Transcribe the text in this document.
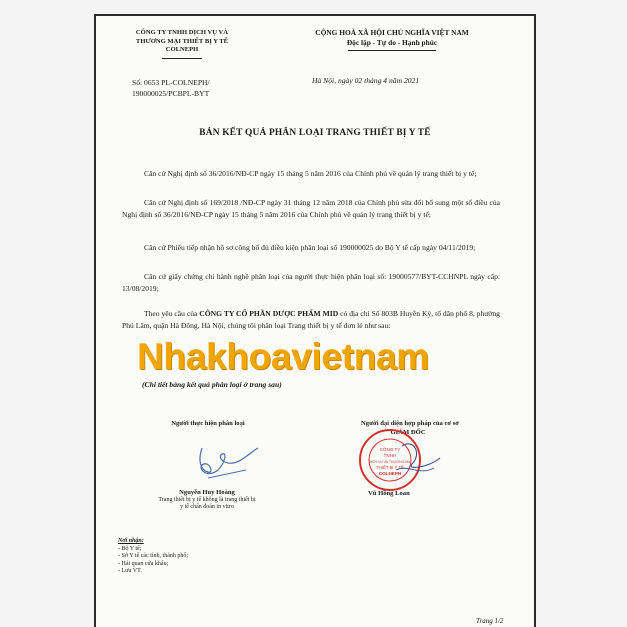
CÔNG TY TNHH DỊCH VỤ VÀ
THƯƠNG MẠI THIẾT BỊ Y TẾ
COLNEPH
CỘNG HOÀ XÃ HỘI CHỦ NGHĨA VIỆT NAM
Độc lập - Tự do - Hạnh phúc
Số: 0653 PL-COLNEPH/
190000025/PCBPL-BYT
Hà Nội, ngày 02 tháng 4 năm 2021
BẢN KẾT QUẢ PHÂN LOẠI TRANG THIẾT BỊ Y TẾ
Căn cứ Nghị định số 36/2016/NĐ-CP ngày 15 tháng 5 năm 2016 của Chính phủ về quản lý trang thiết bị y tế;
Căn cứ Nghị định số 169/2018 /NĐ-CP ngày 31 tháng 12 năm 2018 của Chính phủ sửa đổi bổ sung một số điều của Nghị định số 36/2016/NĐ-CP ngày 15 tháng 5 năm 2016 của Chính phủ về quản lý trang thiết bị y tế;
Căn cứ Phiếu tiếp nhận hồ sơ công bố đủ điều kiện phân loại số 190000025 do Bộ Y tế cấp ngày 04/11/2019;
Căn cứ giấy chứng chỉ hành nghề phân loại của người thực hiện phân loại số: 19000577/BYT-CCHNPL ngày cấp: 13/08/2019;
Theo yêu cầu của CÔNG TY CỔ PHẦN DƯỢC PHẨM MID có địa chỉ Số 803B Huyền Kỳ, tổ dân phố 8, phường Phú Lãm, quận Hà Đông, Hà Nội, chúng tôi phân loại Trang thiết bị y tế đơn lẻ như sau:
Nhakhoavietnam
(Chi tiết bảng kết quả phân loại ở trang sau)
Người thực hiện phân loại	Người đại diện hợp pháp của cơ sở
GIÁM ĐỐC
CÔNG TY
TNHH
DỊCH VỤ VÀ THƯƠNG MẠI
THIẾT BỊ Y TẾ
COLNEPH
Nguyễn Huy Hoàng
Trang thiết bị y tế không là trang thiết bị
y tế chẩn đoán in vitro
Vũ Hồng Loan
Nơi nhận:
- Bộ Y tế;
- Sở Y tế các tỉnh, thành phố;
- Hải quan cửa khẩu;
- Lưu VT.
Trang 1/2
